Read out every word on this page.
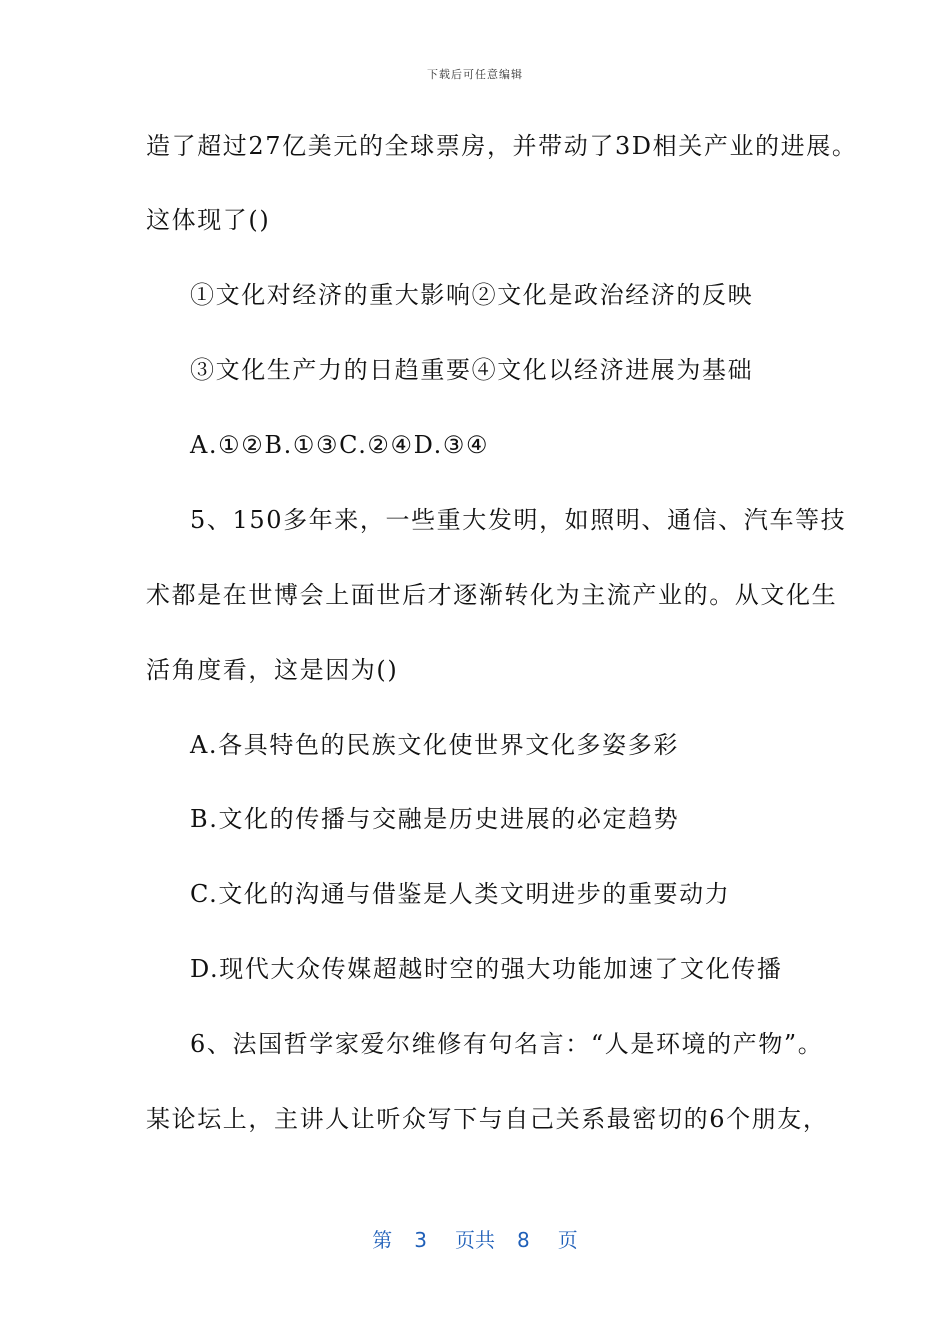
下载后可任意编辑
造了超过27亿美元的全球票房，并带动了3D相关产业的进展。
这体现了()
①文化对经济的重大影响②文化是政治经济的反映
③文化生产力的日趋重要④文化以经济进展为基础
A.①②B.①③C.②④D.③④
5、150多年来，一些重大发明，如照明、通信、汽车等技
术都是在世博会上面世后才逐渐转化为主流产业的。从文化生
活角度看，这是因为()
A.各具特色的民族文化使世界文化多姿多彩
B.文化的传播与交融是历史进展的必定趋势
C.文化的沟通与借鉴是人类文明进步的重要动力
D.现代大众传媒超越时空的强大功能加速了文化传播
6、法国哲学家爱尔维修有句名言：“人是环境的产物”。
某论坛上，主讲人让听众写下与自己关系最密切的6个朋友，
第 3 页共 8 页
